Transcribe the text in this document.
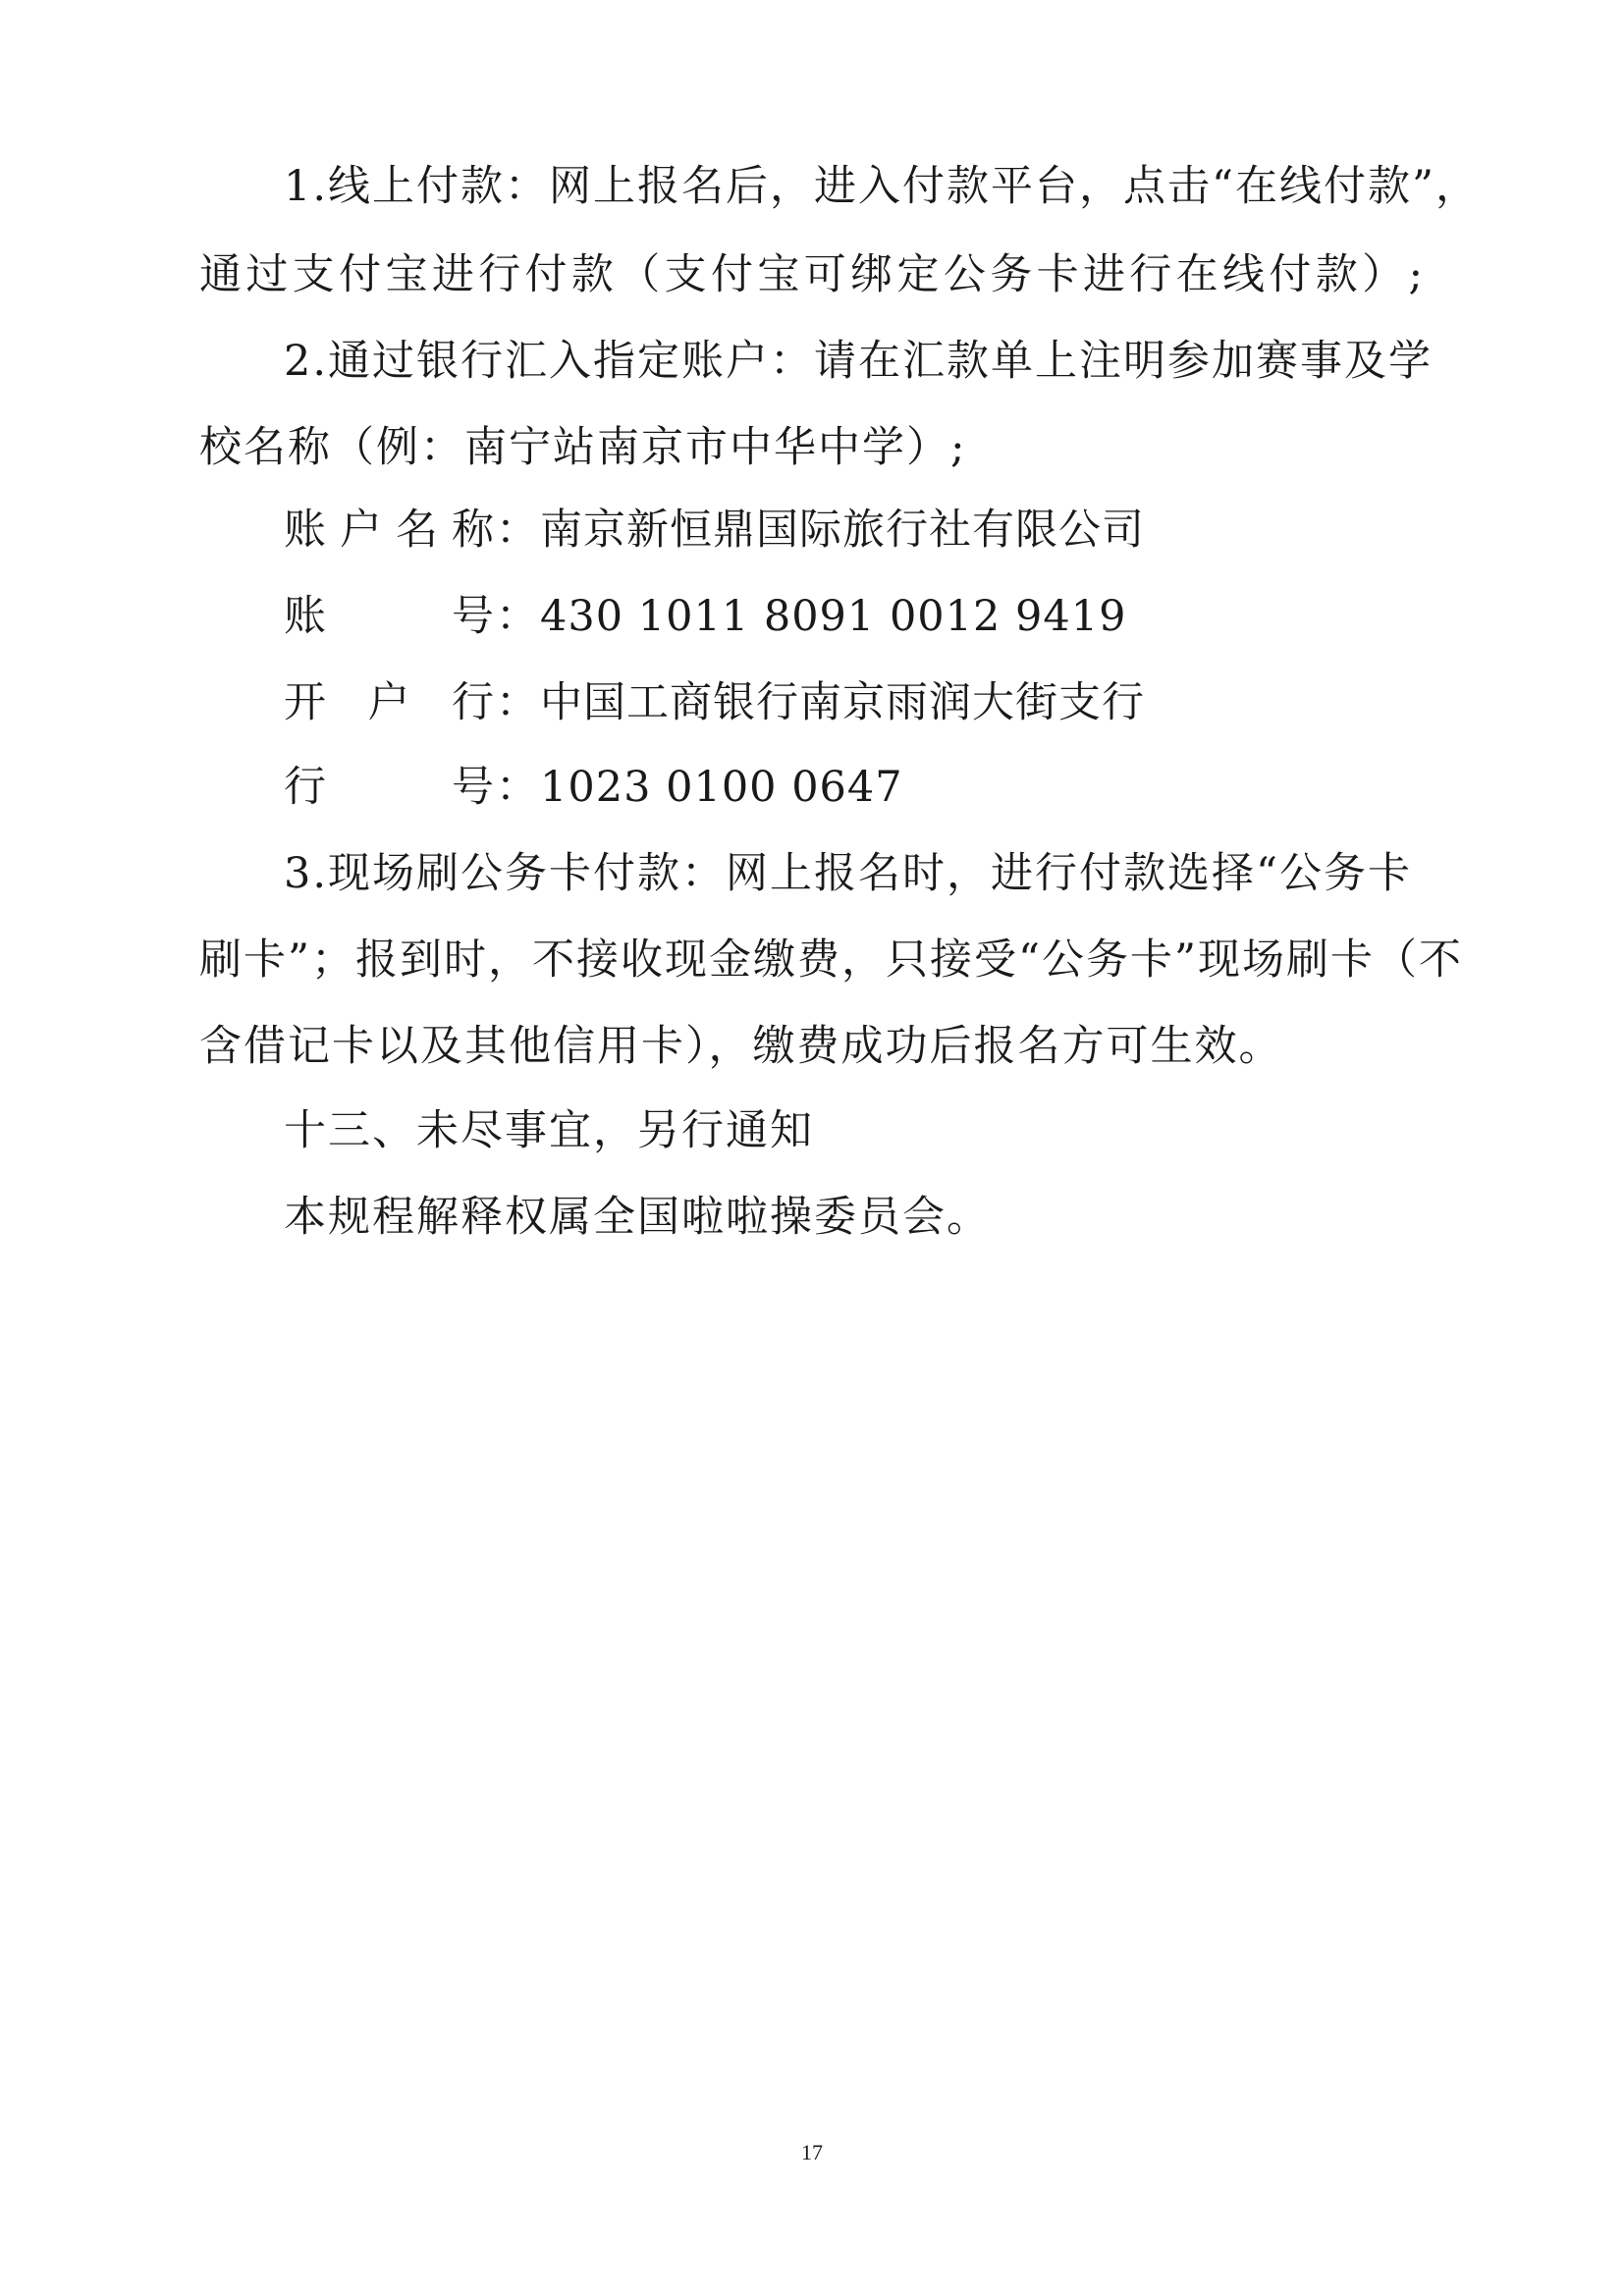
1.线上付款：网上报名后，进入付款平台，点击“在线付款”，
通过支付宝进行付款（支付宝可绑定公务卡进行在线付款）;
2.通过银行汇入指定账户：请在汇款单上注明参加赛事及学
校名称（例：南宁站南京市中华中学）;
账户名称 ： 南京新恒鼎国际旅行社有限公司
账号 ： 430 1011 8091 0012 9419
开户行 ： 中国工商银行南京雨润大街支行
行号 ： 1023 0100 0647
3.现场刷公务卡付款：网上报名时，进行付款选择“公务卡
刷卡”；报到时，不接收现金缴费，只接受“公务卡”现场刷卡（不
含借记卡以及其他信用卡），缴费成功后报名方可生效。
十三、未尽事宜，另行通知
本规程解释权属全国啦啦操委员会。
17
